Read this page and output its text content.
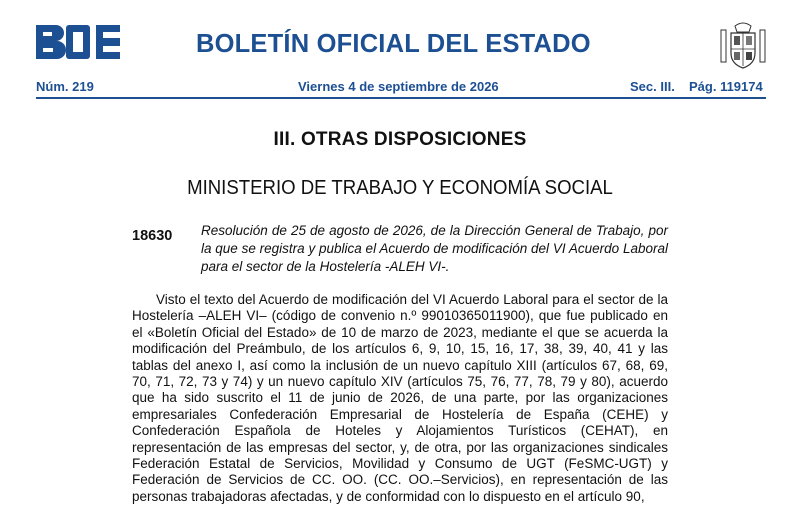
BOLETÍN OFICIAL DEL ESTADO
Núm. 219	Viernes 4 de septiembre de 2026	Sec. III. Pág. 119174
III. OTRAS DISPOSICIONES
MINISTERIO DE TRABAJO Y ECONOMÍA SOCIAL
18630 Resolución de 25 de agosto de 2026, de la Dirección General de Trabajo, por la que se registra y publica el Acuerdo de modificación del VI Acuerdo Laboral para el sector de la Hostelería -ALEH VI-.
Visto el texto del Acuerdo de modificación del VI Acuerdo Laboral para el sector de la Hostelería –ALEH VI– (código de convenio n.º 99010365011900), que fue publicado en el «Boletín Oficial del Estado» de 10 de marzo de 2023, mediante el que se acuerda la modificación del Preámbulo, de los artículos 6, 9, 10, 15, 16, 17, 38, 39, 40, 41 y las tablas del anexo I, así como la inclusión de un nuevo capítulo XIII (artículos 67, 68, 69, 70, 71, 72, 73 y 74) y un nuevo capítulo XIV (artículos 75, 76, 77, 78, 79 y 80), acuerdo que ha sido suscrito el 11 de junio de 2026, de una parte, por las organizaciones empresariales Confederación Empresarial de Hostelería de España (CEHE) y Confederación Española de Hoteles y Alojamientos Turísticos (CEHAT), en representación de las empresas del sector, y, de otra, por las organizaciones sindicales Federación Estatal de Servicios, Movilidad y Consumo de UGT (FeSMC-UGT) y Federación de Servicios de CC. OO. (CC. OO.–Servicios), en representación de las personas trabajadoras afectadas, y de conformidad con lo dispuesto en el artículo 90,
